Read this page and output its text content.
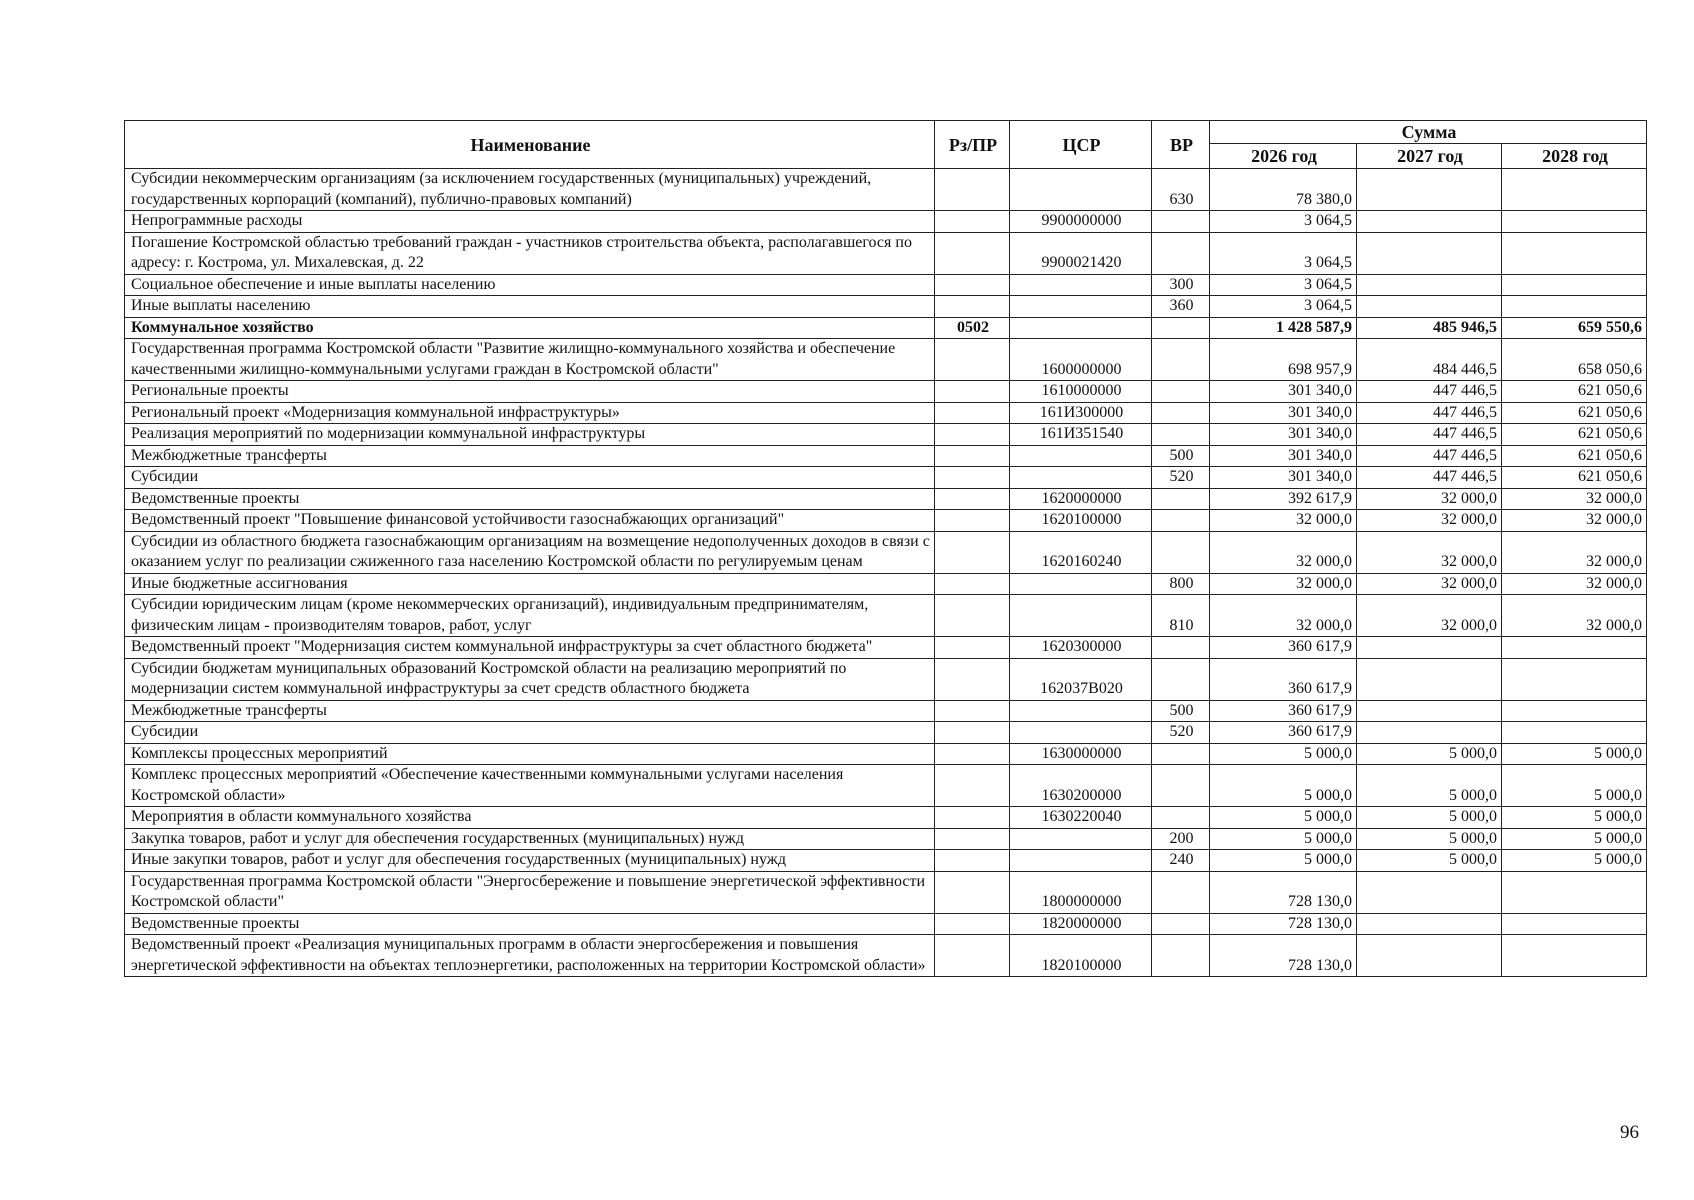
Наименование	Рз/ПР	ЦСР	ВР	Сумма		
				2026 год	2027 год	2028 год
Субсидии некоммерческим организациям (за исключением государственных (муниципальных) учреждений, государственных корпораций (компаний), публично-правовых компаний)			630	78 380,0		
Непрограммные расходы		9900000000		3 064,5		
Погашение Костромской областью требований граждан - участников строительства объекта, располагавшегося по адресу: г. Кострома, ул. Михалевская, д. 22		9900021420		3 064,5		
Социальное обеспечение и иные выплаты населению			300	3 064,5		
Иные выплаты населению			360	3 064,5		
Коммунальное хозяйство	0502			1 428 587,9	485 946,5	659 550,6
Государственная программа Костромской области "Развитие жилищно-коммунального хозяйства и обеспечение качественными жилищно-коммунальными услугами граждан в Костромской области"		1600000000		698 957,9	484 446,5	658 050,6
Региональные проекты		1610000000		301 340,0	447 446,5	621 050,6
Региональный проект «Модернизация коммунальной инфраструктуры»		161И300000		301 340,0	447 446,5	621 050,6
Реализация мероприятий по модернизации коммунальной инфраструктуры		161И351540		301 340,0	447 446,5	621 050,6
Межбюджетные трансферты			500	301 340,0	447 446,5	621 050,6
Субсидии			520	301 340,0	447 446,5	621 050,6
Ведомственные проекты		1620000000		392 617,9	32 000,0	32 000,0
Ведомственный проект "Повышение финансовой устойчивости газоснабжающих организаций"		1620100000		32 000,0	32 000,0	32 000,0
Субсидии из областного бюджета газоснабжающим организациям на возмещение недополученных доходов в связи с оказанием услуг по реализации сжиженного газа населению Костромской области по регулируемым ценам		1620160240		32 000,0	32 000,0	32 000,0
Иные бюджетные ассигнования			800	32 000,0	32 000,0	32 000,0
Субсидии юридическим лицам (кроме некоммерческих организаций), индивидуальным предпринимателям, физическим лицам - производителям товаров, работ, услуг			810	32 000,0	32 000,0	32 000,0
Ведомственный проект "Модернизация систем коммунальной инфраструктуры за счет областного бюджета"		1620300000		360 617,9		
Субсидии бюджетам муниципальных образований Костромской области на реализацию мероприятий по модернизации систем коммунальной инфраструктуры за счет средств областного бюджета		162037В020		360 617,9		
Межбюджетные трансферты			500	360 617,9		
Субсидии			520	360 617,9		
Комплексы процессных мероприятий		1630000000		5 000,0	5 000,0	5 000,0
Комплекс процессных мероприятий «Обеспечение качественными коммунальными услугами населения Костромской области»		1630200000		5 000,0	5 000,0	5 000,0
Мероприятия в области коммунального хозяйства		1630220040		5 000,0	5 000,0	5 000,0
Закупка товаров, работ и услуг для обеспечения государственных (муниципальных) нужд			200	5 000,0	5 000,0	5 000,0
Иные закупки товаров, работ и услуг для обеспечения государственных (муниципальных) нужд			240	5 000,0	5 000,0	5 000,0
Государственная программа Костромской области "Энергосбережение и повышение энергетической эффективности Костромской области"		1800000000		728 130,0		
Ведомственные проекты		1820000000		728 130,0		
Ведомственный проект «Реализация муниципальных программ в области энергосбережения и повышения энергетической эффективности на объектах теплоэнергетики, расположенных на территории Костромской области»		1820100000		728 130,0		
96
